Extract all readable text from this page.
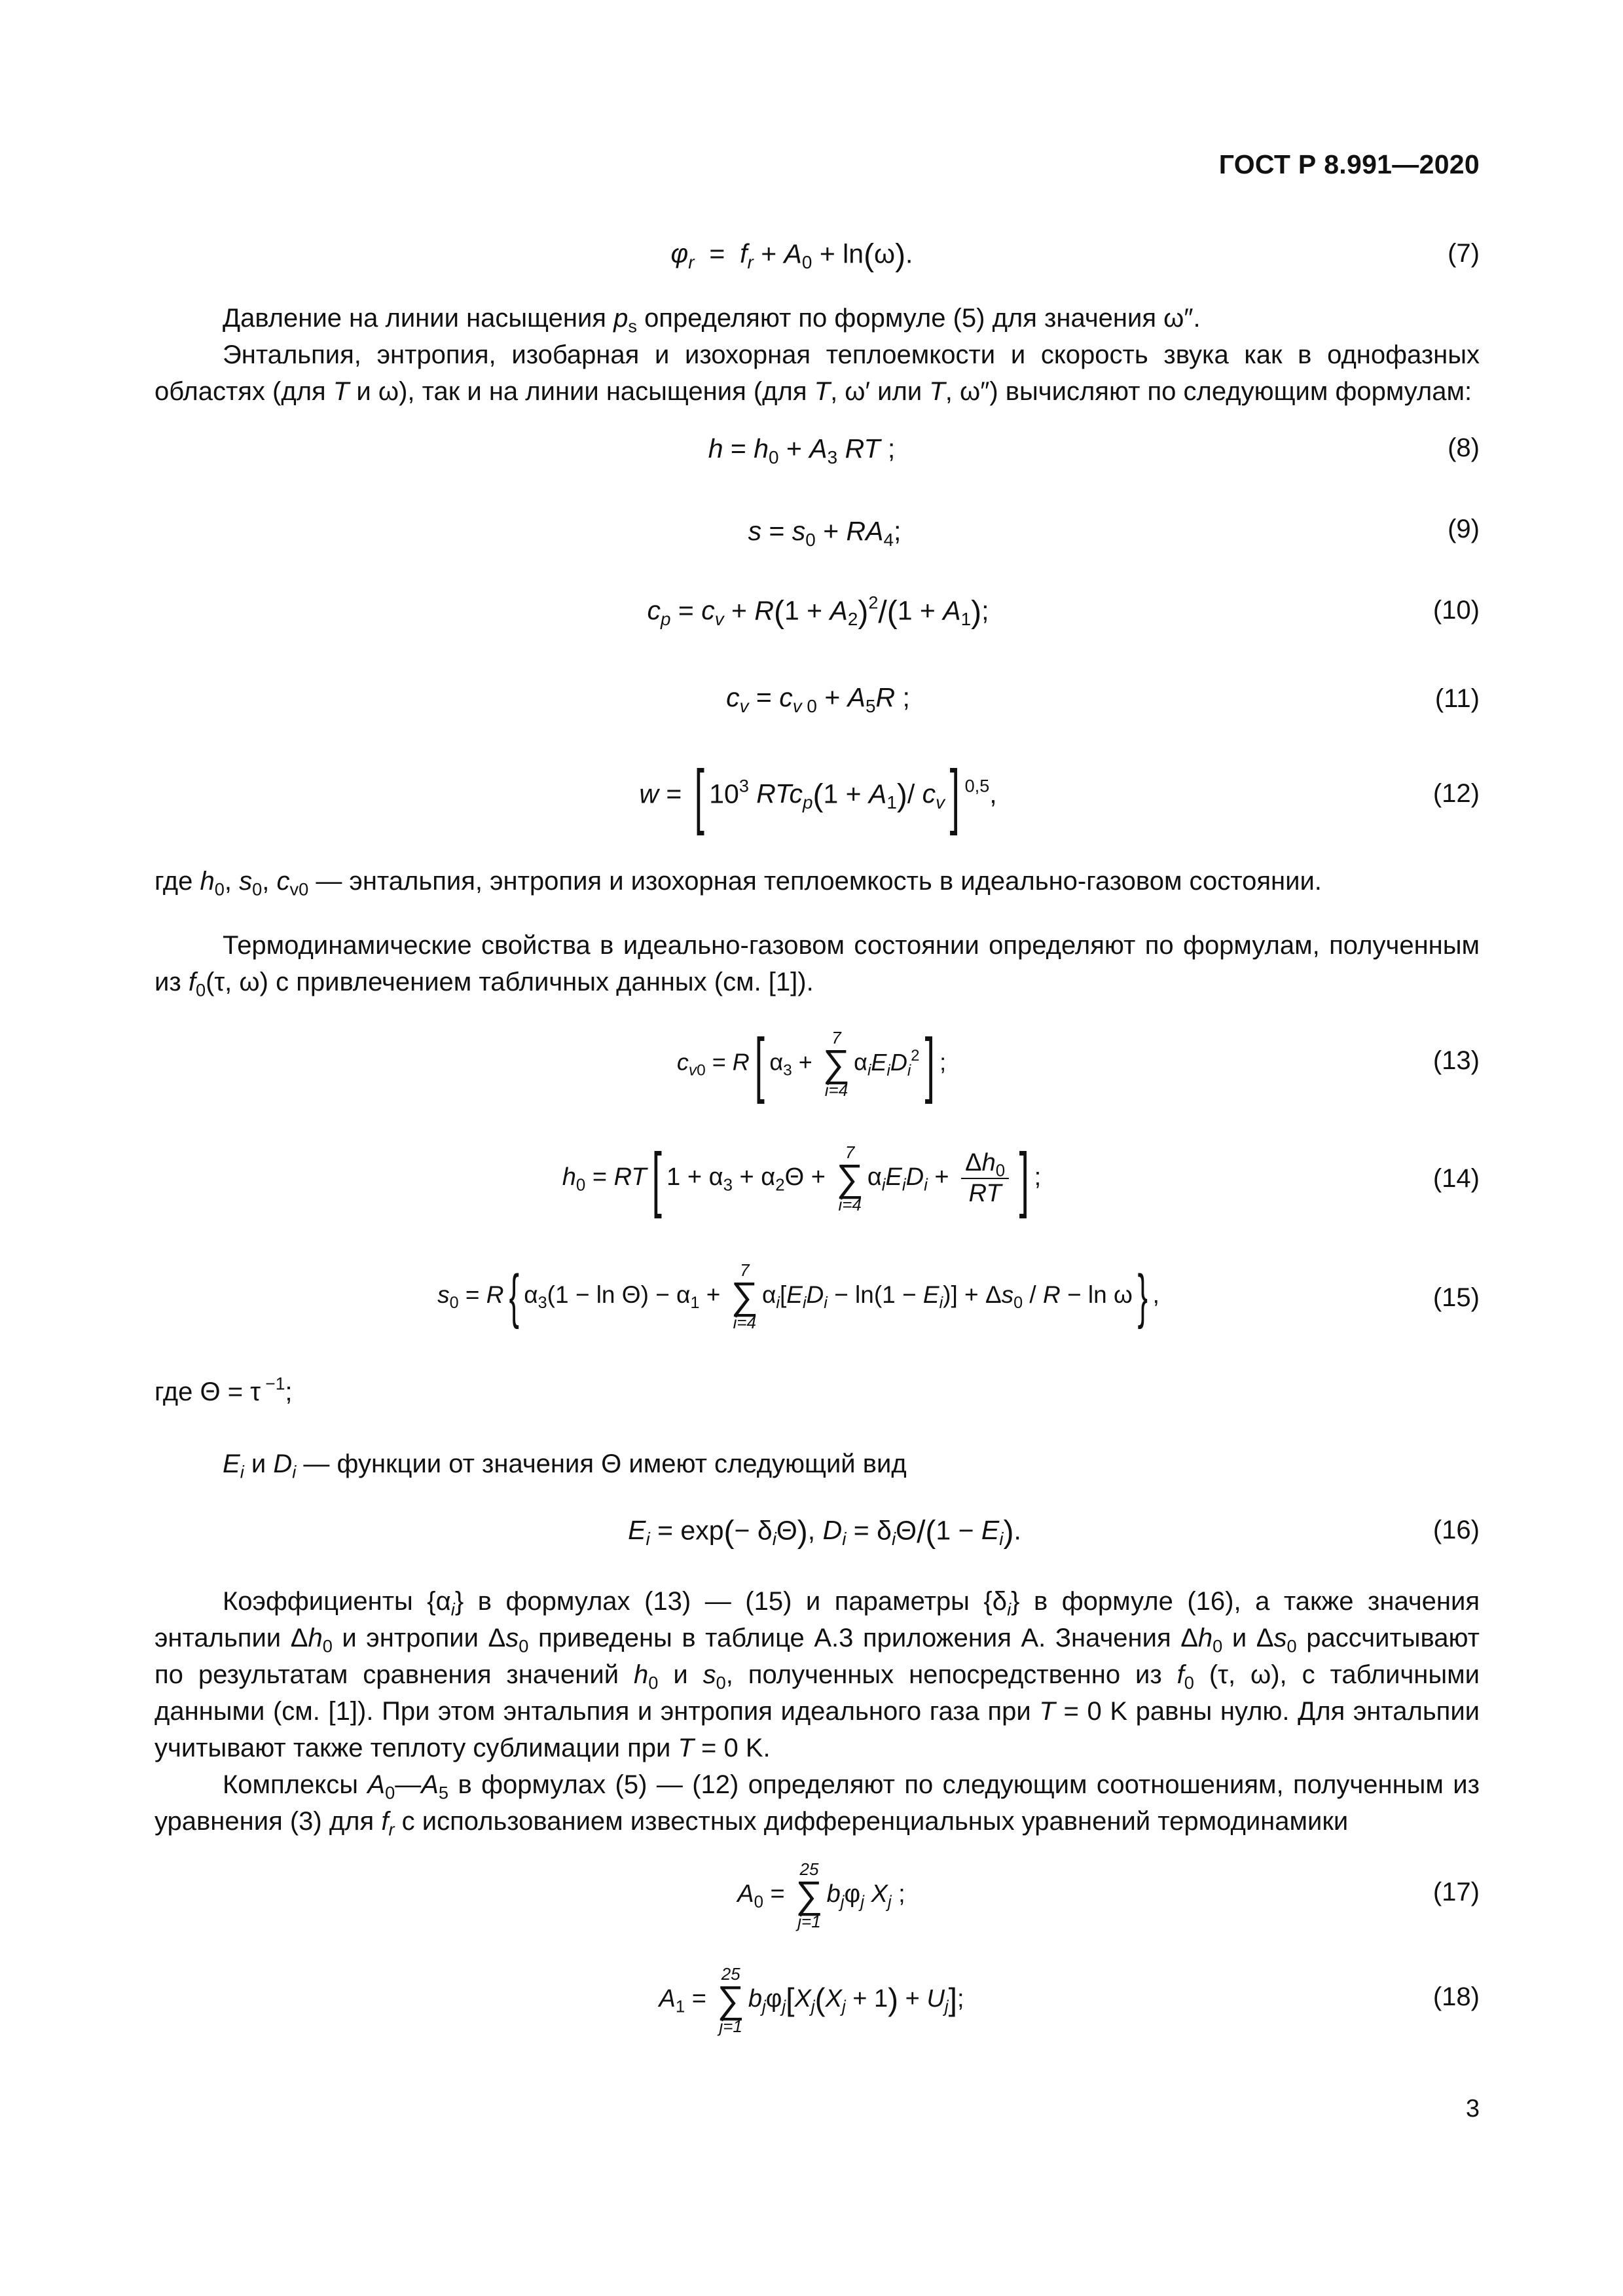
ГОСТ Р 8.991—2020
$\varphi_r = f_r + A_0 + \ln(\omega)$.	(7)
Давление на линии насыщения $p_s$ определяют по формуле (5) для значения ω″.
Энтальпия, энтропия, изобарная и изохорная теплоемкости и скорость звука как в однофазных областях (для T и ω), так и на линии насыщения (для T, ω′ или T, ω″) вычисляют по следующим формулам:
$h = h_0 + A_3$ RT ;	(8)
$s = s_0 + RA_4$;	(9)
$c_p = c_v + R(1 + A_2)^2/(1 + A_1)$;	(10)
$c_v = c_{v 0} + A_5R$ ;	(11)
w = [ $10^3$ $RTc_p(1 + A_1)/$ $c_v$] $^{0,5}$,	(12)
где $h_0$, $s_0$, $c_{v0}$ — энтальпия, энтропия и изохорная теплоемкость в идеально-газовом состоянии.
Термодинамические свойства в идеально-газовом состоянии определяют по формулам, полученным из $f_0(\tau$, ω) с привлечением табличных данных (см. [1]).
$c_{v0} = R$[ $\alpha_3$ +
7
∑
i=4
$\alpha_iE_iD_i^2$] ;	(13)
$h_0 = RT$[ $1 + \alpha_3 + \alpha_2\Theta$ +
7
∑
i=4
$\alpha_iE_iD_i + \frac{\Delta h_0}{RT}$ ] ;	(14)
$s_0 = R${ $\alpha_3(1 - \ln \Theta) - \alpha_1$ +
7
∑
i=4
$\alpha_i[E_iD_i - \ln(1 - E_i)] + \Delta s_0 / R - \ln \omega$} ,	(15)
где Θ = τ $^{-1}$;
$E_i$ и $D_i$ — функции от значения Θ имеют следующий вид
$E_i = \exp(- \delta_i\Theta)$, $D_i = \delta_i\Theta/(1 - E_i)$.	(16)
Коэффициенты $\{\alpha_i\}$ в формулах (13) — (15) и параметры $\{\delta_i\}$ в формуле (16), а также значения энтальпии $\Delta h_0$ и энтропии $\Delta s_0$ приведены в таблице А.3 приложения А. Значения $\Delta h_0$ и $\Delta s_0$ рассчитывают по результатам сравнения значений $h_0$ и $s_0$, полученных непосредственно из $f_0$ (τ, ω), с табличными данными (см. [1]). При этом энтальпия и энтропия идеального газа при T = 0 K равны нулю. Для энтальпии учитывают также теплоту сублимации при T = 0 K.
Комплексы $A_0—A_5$ в формулах (5) — (12) определяют по следующим соотношениям, полученным из уравнения (3) для $f_r$ с использованием известных дифференциальных уравнений термодинамики
$A_0$ =
25
∑
j=1
$b_j\varphi_j$ $X_j$ ;	(17)
$A_1$ =
25
∑
j=1
$b_j\varphi_j[X_j(X_j + 1) + U_j]$;	(18)
3
